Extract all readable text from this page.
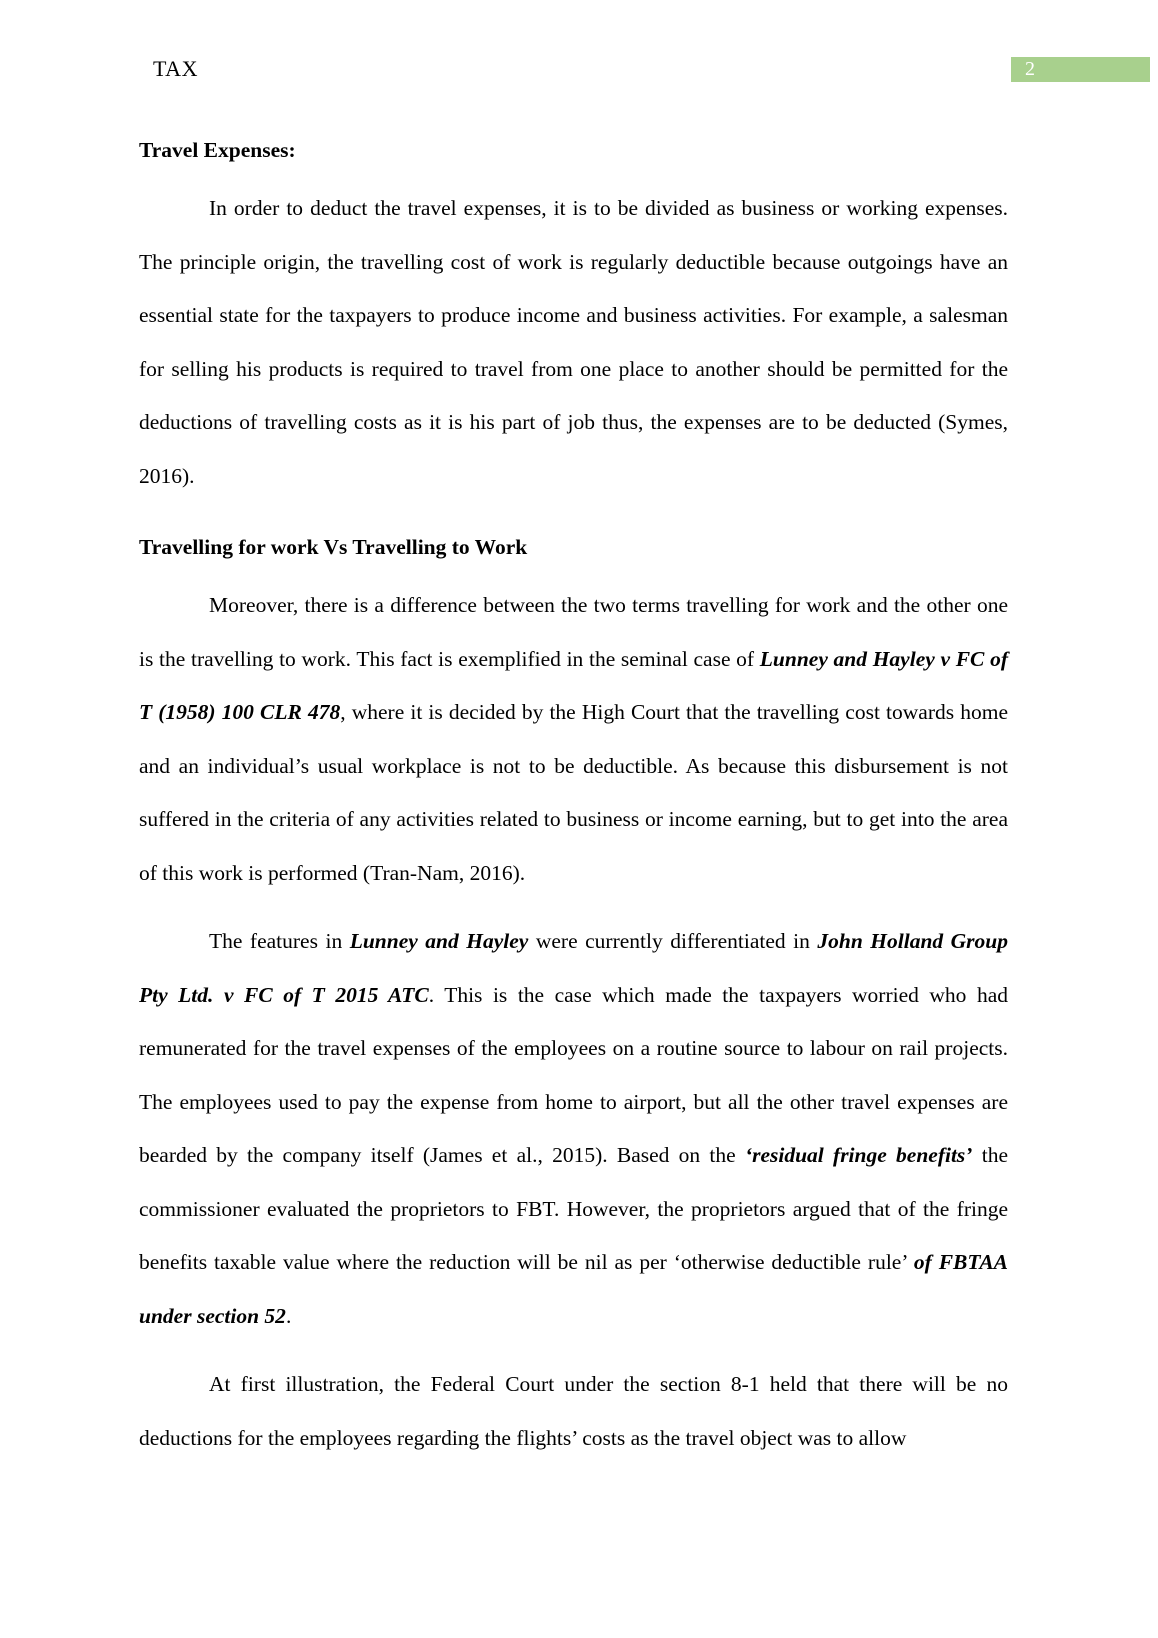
TAX	2
Travel Expenses:

In order to deduct the travel expenses, it is to be divided as business or working expenses. The principle origin, the travelling cost of work is regularly deductible because outgoings have an essential state for the taxpayers to produce income and business activities. For example, a salesman for selling his products is required to travel from one place to another should be permitted for the deductions of travelling costs as it is his part of job thus, the expenses are to be deducted (Symes, 2016).

Travelling for work Vs Travelling to Work

Moreover, there is a difference between the two terms travelling for work and the other one is the travelling to work. This fact is exemplified in the seminal case of Lunney and Hayley v FC of T (1958) 100 CLR 478, where it is decided by the High Court that the travelling cost towards home and an individual’s usual workplace is not to be deductible. As because this disbursement is not suffered in the criteria of any activities related to business or income earning, but to get into the area of this work is performed (Tran-Nam, 2016).

The features in Lunney and Hayley were currently differentiated in John Holland Group Pty Ltd. v FC of T 2015 ATC. This is the case which made the taxpayers worried who had remunerated for the travel expenses of the employees on a routine source to labour on rail projects. The employees used to pay the expense from home to airport, but all the other travel expenses are bearded by the company itself (James et al., 2015). Based on the ‘residual fringe benefits’ the commissioner evaluated the proprietors to FBT. However, the proprietors argued that of the fringe benefits taxable value where the reduction will be nil as per ‘otherwise deductible rule’ of FBTAA under section 52.

At first illustration, the Federal Court under the section 8-1 held that there will be no deductions for the employees regarding the flights’ costs as the travel object was to allow
